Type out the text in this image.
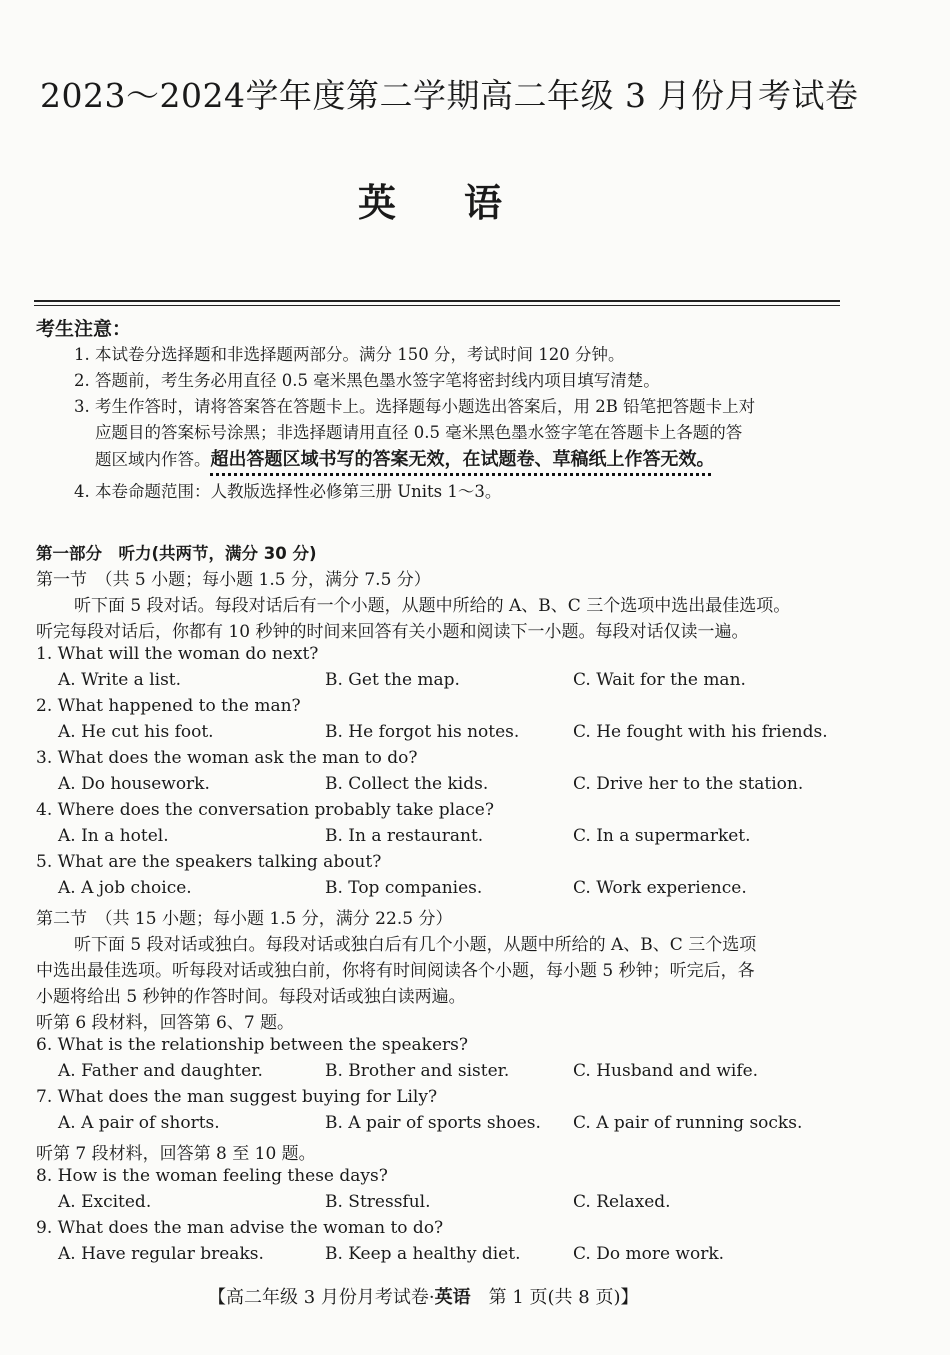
2023～2024学年度第二学期高二年级 3 月份月考试卷
英语
考生注意：
1. 本试卷分选择题和非选择题两部分。满分 150 分，考试时间 120 分钟。
2. 答题前，考生务必用直径 0.5 毫米黑色墨水签字笔将密封线内项目填写清楚。
3. 考生作答时，请将答案答在答题卡上。选择题每小题选出答案后，用 2B 铅笔把答题卡上对
应题目的答案标号涂黑；非选择题请用直径 0.5 毫米黑色墨水签字笔在答题卡上各题的答
题区域内作答。超出答题区域书写的答案无效，在试题卷、草稿纸上作答无效。
4. 本卷命题范围：人教版选择性必修第三册 Units 1～3。
第一部分　听力(共两节，满分 30 分)
第一节　（共 5 小题；每小题 1.5 分，满分 7.5 分）
听下面 5 段对话。每段对话后有一个小题，从题中所给的 A、B、C 三个选项中选出最佳选项。
听完每段对话后，你都有 10 秒钟的时间来回答有关小题和阅读下一小题。每段对话仅读一遍。
1. What will the woman do next?
A. Write a list.	B. Get the map.	C. Wait for the man.
2. What happened to the man?
A. He cut his foot.	B. He forgot his notes.	C. He fought with his friends.
3. What does the woman ask the man to do?
A. Do housework.	B. Collect the kids.	C. Drive her to the station.
4. Where does the conversation probably take place?
A. In a hotel.	B. In a restaurant.	C. In a supermarket.
5. What are the speakers talking about?
A. A job choice.	B. Top companies.	C. Work experience.
第二节　（共 15 小题；每小题 1.5 分，满分 22.5 分）
听下面 5 段对话或独白。每段对话或独白后有几个小题，从题中所给的 A、B、C 三个选项
中选出最佳选项。听每段对话或独白前，你将有时间阅读各个小题，每小题 5 秒钟；听完后，各
小题将给出 5 秒钟的作答时间。每段对话或独白读两遍。
听第 6 段材料，回答第 6、7 题。
6. What is the relationship between the speakers?
A. Father and daughter.	B. Brother and sister.	C. Husband and wife.
7. What does the man suggest buying for Lily?
A. A pair of shorts.	B. A pair of sports shoes. C. A pair of running socks.
听第 7 段材料，回答第 8 至 10 题。
8. How is the woman feeling these days?
A. Excited.	B. Stressful.	C. Relaxed.
9. What does the man advise the woman to do?
A. Have regular breaks.	B. Keep a healthy diet.	C. Do more work.
【高二年级 3 月份月考试卷·英语　第 1 页(共 8 页)】
